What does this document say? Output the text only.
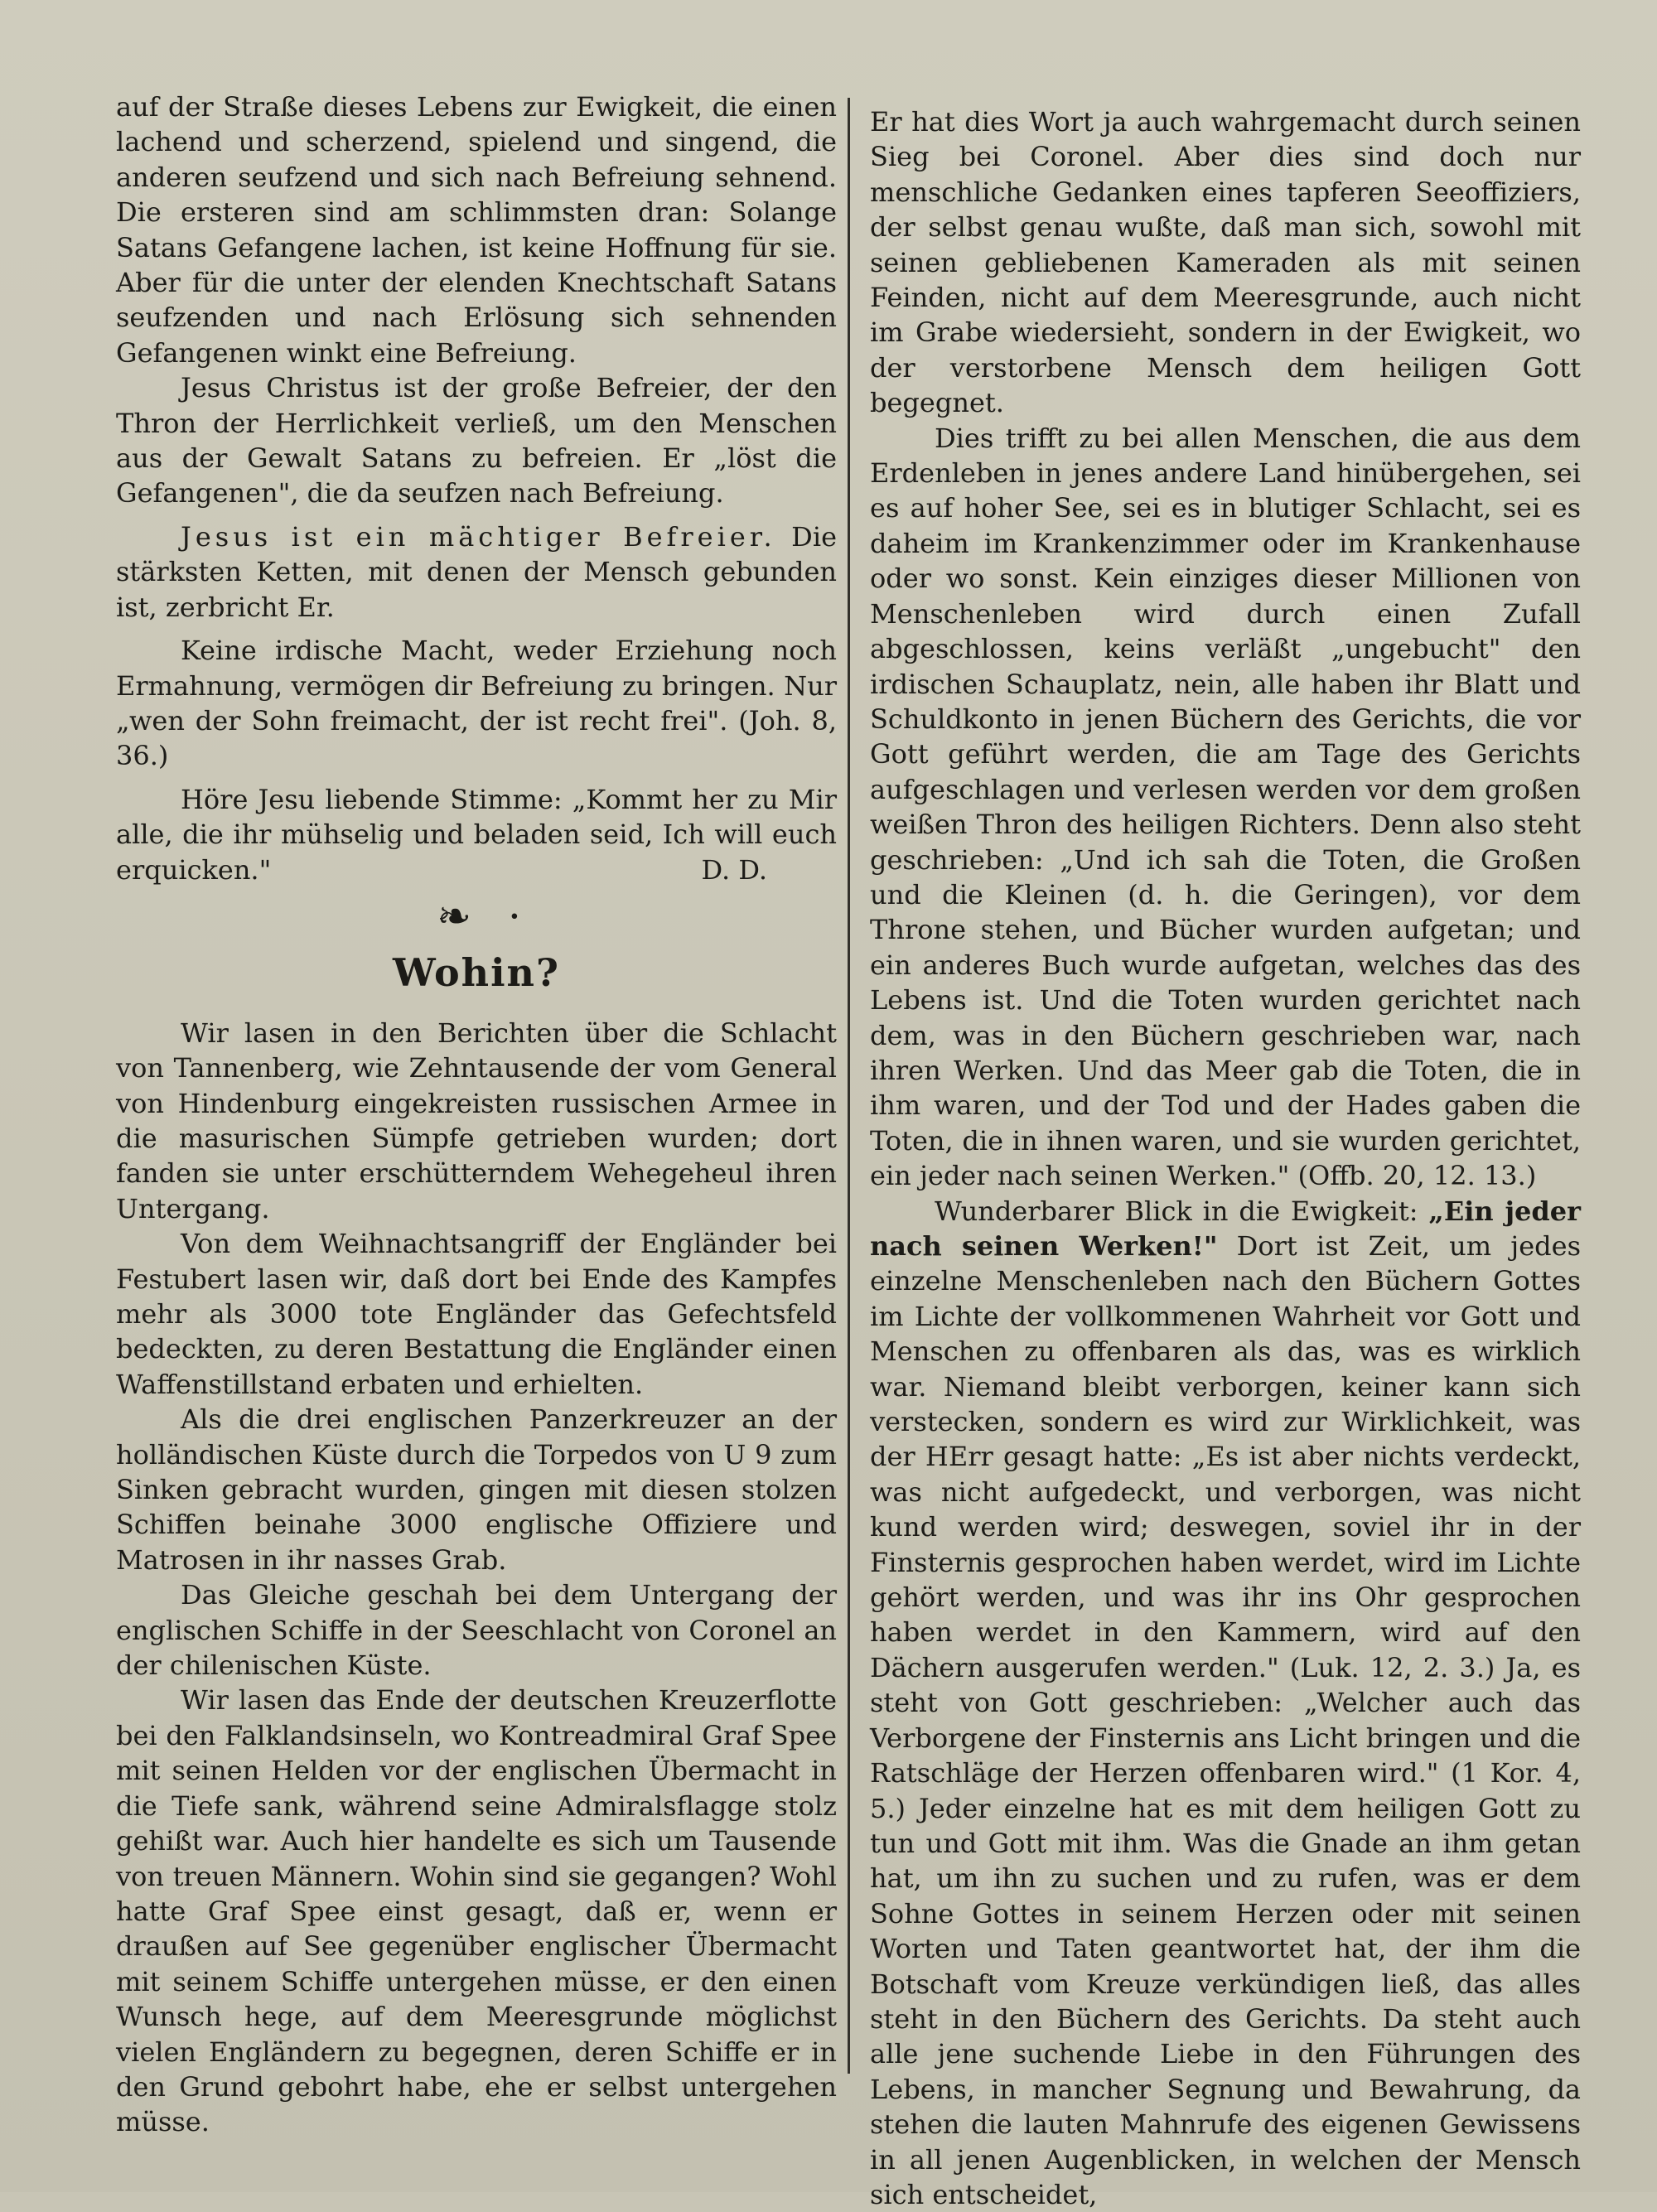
auf der Straße dieses Lebens zur Ewigkeit, die einen lachend und scherzend, spielend und singend, die anderen seufzend und sich nach Befreiung sehnend. Die ersteren sind am schlimmsten dran: Solange Satans Gefangene lachen, ist keine Hoffnung für sie. Aber für die unter der elenden Knechtschaft Satans seufzenden und nach Erlösung sich sehnenden Gefangenen winkt eine Befreiung.

Jesus Christus ist der große Befreier, der den Thron der Herrlichkeit verließ, um den Menschen aus der Gewalt Satans zu befreien. Er „löst die Gefangenen", die da seufzen nach Befreiung.

Jesus ist ein mächtiger Befreier. Die stärksten Ketten, mit denen der Mensch gebunden ist, zerbricht Er.

Keine irdische Macht, weder Erziehung noch Ermahnung, vermögen dir Befreiung zu bringen. Nur „wen der Sohn freimacht, der ist recht frei". (Joh. 8, 36.)

Höre Jesu liebende Stimme: „Kommt her zu Mir alle, die ihr mühselig und beladen seid, Ich will euch erquicken."	D. D.

❧ ·
Wohin?

Wir lasen in den Berichten über die Schlacht von Tannenberg, wie Zehntausende der vom General von Hindenburg eingekreisten russischen Armee in die masurischen Sümpfe getrieben wurden; dort fanden sie unter erschütterndem Wehegeheul ihren Untergang.

Von dem Weihnachtsangriff der Engländer bei Festubert lasen wir, daß dort bei Ende des Kampfes mehr als 3000 tote Engländer das Gefechtsfeld bedeckten, zu deren Bestattung die Engländer einen Waffenstillstand erbaten und erhielten.

Als die drei englischen Panzerkreuzer an der holländischen Küste durch die Torpedos von U 9 zum Sinken gebracht wurden, gingen mit diesen stolzen Schiffen beinahe 3000 englische Offiziere und Matrosen in ihr nasses Grab.

Das Gleiche geschah bei dem Untergang der englischen Schiffe in der Seeschlacht von Coronel an der chilenischen Küste.

Wir lasen das Ende der deutschen Kreuzerflotte bei den Falklandsinseln, wo Kontreadmiral Graf Spee mit seinen Helden vor der englischen Übermacht in die Tiefe sank, während seine Admiralsflagge stolz gehißt war. Auch hier handelte es sich um Tausende von treuen Männern. Wohin sind sie gegangen? Wohl hatte Graf Spee einst gesagt, daß er, wenn er draußen auf See gegenüber englischer Übermacht mit seinem Schiffe untergehen müsse, er den einen Wunsch hege, auf dem Meeresgrunde möglichst vielen Engländern zu begegnen, deren Schiffe er in den Grund gebohrt habe, ehe er selbst untergehen müsse.

Er hat dies Wort ja auch wahrgemacht durch seinen Sieg bei Coronel. Aber dies sind doch nur menschliche Gedanken eines tapferen Seeoffiziers, der selbst genau wußte, daß man sich, sowohl mit seinen gebliebenen Kameraden als mit seinen Feinden, nicht auf dem Meeresgrunde, auch nicht im Grabe wiedersieht, sondern in der Ewigkeit, wo der verstorbene Mensch dem heiligen Gott begegnet.

Dies trifft zu bei allen Menschen, die aus dem Erdenleben in jenes andere Land hinübergehen, sei es auf hoher See, sei es in blutiger Schlacht, sei es daheim im Krankenzimmer oder im Krankenhause oder wo sonst. Kein einziges dieser Millionen von Menschenleben wird durch einen Zufall abgeschlossen, keins verläßt „ungebucht" den irdischen Schauplatz, nein, alle haben ihr Blatt und Schuldkonto in jenen Büchern des Gerichts, die vor Gott geführt werden, die am Tage des Gerichts aufgeschlagen und verlesen werden vor dem großen weißen Thron des heiligen Richters. Denn also steht geschrieben: „Und ich sah die Toten, die Großen und die Kleinen (d. h. die Geringen), vor dem Throne stehen, und Bücher wurden aufgetan; und ein anderes Buch wurde aufgetan, welches das des Lebens ist. Und die Toten wurden gerichtet nach dem, was in den Büchern geschrieben war, nach ihren Werken. Und das Meer gab die Toten, die in ihm waren, und der Tod und der Hades gaben die Toten, die in ihnen waren, und sie wurden gerichtet, ein jeder nach seinen Werken." (Offb. 20, 12. 13.)

Wunderbarer Blick in die Ewigkeit: „Ein jeder nach seinen Werken!" Dort ist Zeit, um jedes einzelne Menschenleben nach den Büchern Gottes im Lichte der vollkommenen Wahrheit vor Gott und Menschen zu offenbaren als das, was es wirklich war. Niemand bleibt verborgen, keiner kann sich verstecken, sondern es wird zur Wirklichkeit, was der HErr gesagt hatte: „Es ist aber nichts verdeckt, was nicht aufgedeckt, und verborgen, was nicht kund werden wird; deswegen, soviel ihr in der Finsternis gesprochen haben werdet, wird im Lichte gehört werden, und was ihr ins Ohr gesprochen haben werdet in den Kammern, wird auf den Dächern ausgerufen werden." (Luk. 12, 2. 3.) Ja, es steht von Gott geschrieben: „Welcher auch das Verborgene der Finsternis ans Licht bringen und die Ratschläge der Herzen offenbaren wird." (1 Kor. 4, 5.) Jeder einzelne hat es mit dem heiligen Gott zu tun und Gott mit ihm. Was die Gnade an ihm getan hat, um ihn zu suchen und zu rufen, was er dem Sohne Gottes in seinem Herzen oder mit seinen Worten und Taten geantwortet hat, der ihm die Botschaft vom Kreuze verkündigen ließ, das alles steht in den Büchern des Gerichts. Da steht auch alle jene suchende Liebe in den Führungen des Lebens, in mancher Segnung und Bewahrung, da stehen die lauten Mahnrufe des eigenen Gewissens in all jenen Augenblicken, in welchen der Mensch sich entscheidet,
